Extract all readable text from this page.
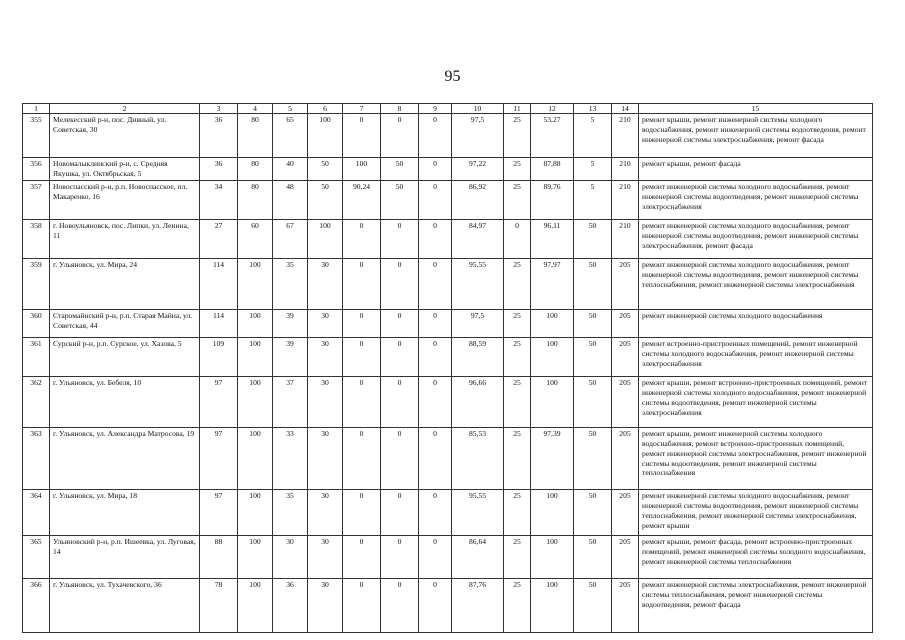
95
1	2	3	4	5	6	7	8	9	10	11	12	13	14	15
355	Мелекесский р-н, пос. Дивный, ул. Советская, 30	36	80	65	100	0	0	0	97,5	25	53,27	5	210	ремонт крыши, ремонт инженерной системы холодного водоснабжения, ремонт инженерной системы водоотведения, ремонт инженерной системы электроснабжения, ремонт фасада
356	Новомалыклинский р-н, с. Средняя Якушка, ул. Октябрьская, 5	36	80	40	50	100	50	0	97,22	25	87,88	5	210	ремонт крыши, ремонт фасада
357	Новоспасский р-н, р.п. Новоспасское, пл. Макаренко, 16	34	80	48	50	90,24	50	0	86,92	25	89,76	5	210	ремонт инженерной системы холодного водоснабжения, ремонт инженерной системы водоотведения, ремонт инженерной системы электроснабжения
358	г. Новоульяновск, пос. Липки, ул. Ленина, 11	27	60	67	100	0	0	0	84,97	0	96,11	50	210	ремонт инженерной системы холодного водоснабжения, ремонт инженерной системы водоотведения, ремонт инженерной системы электроснабжения, ремонт фасада
359	г. Ульяновск, ул. Мира, 24	114	100	35	30	0	0	0	95,55	25	97,97	50	205	ремонт инженерной системы холодного водоснабжения, ремонт инженерной системы водоотведения, ремонт инженерной системы теплоснабжения, ремонт инженерной системы электроснабжения
360	Старомайнский р-н, р.п. Старая Майна, ул. Советская, 44	114	100	39	30	0	0	0	97,5	25	100	50	205	ремонт инженерной системы холодного водоснабжения
361	Сурский р-н, р.п. Сурское, ул. Хазова, 5	109	100	39	30	0	0	0	88,59	25	100	50	205	ремонт встроенно-пристроенных помещений, ремонт инженерной системы холодного водоснабжения, ремонт инженерной системы электроснабжения
362	г. Ульяновск, ул. Бебеля, 10	97	100	37	30	0	0	0	96,66	25	100	50	205	ремонт крыши, ремонт встроенно-пристроенных помещений, ремонт инженерной системы холодного водоснабжения, ремонт инженерной системы водоотведения, ремонт инженерной системы электроснабжения
363	г. Ульяновск, ул. Александра Матросова, 19	97	100	33	30	0	0	0	85,53	25	97,39	50	205	ремонт крыши, ремонт инженерной системы холодного водоснабжения, ремонт встроенно-пристроенных помещений, ремонт инженерной системы электроснабжения, ремонт инженерной системы водоотведения, ремонт инженерной системы теплоснабжения
364	г. Ульяновск, ул. Мира, 18	97	100	35	30	0	0	0	95,55	25	100	50	205	ремонт инженерной системы холодного водоснабжения, ремонт инженерной системы водоотведения, ремонт инженерной системы теплоснабжения, ремонт инженерной системы электроснабжения, ремонт крыши
365	Ульяновский р-н, р.п. Ишеевка, ул. Луговая, 14	88	100	30	30	0	0	0	86,64	25	100	50	205	ремонт крыши, ремонт фасада, ремонт встроенно-пристроенных помещений, ремонт инженерной системы холодного водоснабжения, ремонт инженерной системы теплоснабжения
366	г. Ульяновск, ул. Тухачевского, 36	78	100	36	30	0	0	0	87,76	25	100	50	205	ремонт инженерной системы электроснабжения, ремонт инженерной системы теплоснабжения, ремонт инженерной системы водоотведения, ремонт фасада
